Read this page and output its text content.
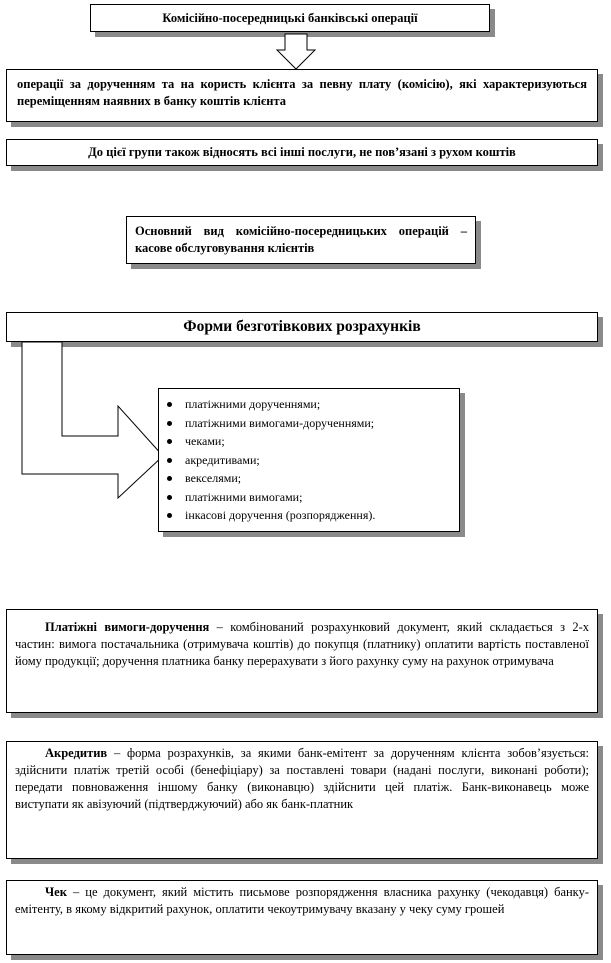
Комісійно-посередницькі банківські операції
операції за дорученням та на користь клієнта за певну плату (комісію), які характеризуються переміщенням наявних в банку коштів клієнта
До цієї групи також відносять всі інші послуги, не пов’язані з рухом коштів
Основний вид комісійно-посередницьких операцій – касове обслуговування клієнтів
Форми безготівкових розрахунків
платіжними дорученнями;
платіжними вимогами-дорученнями;
чеками;
акредитивами;
векселями;
платіжними вимогами;
інкасові доручення (розпорядження).
Платіжні вимоги-доручення – комбінований розрахунковий документ, який складається з 2-х частин: вимога постачальника (отримувача коштів) до покупця (платнику) оплатити вартість поставленої йому продукції; доручення платника банку перерахувати з його рахунку суму на рахунок отримувача
Акредитив – форма розрахунків, за якими банк-емітент за дорученням клієнта зобов’язується: здійснити платіж третій особі (бенефіціару) за поставлені товари (надані послуги, виконані роботи); передати повноваження іншому банку (виконавцю) здійснити цей платіж. Банк-виконавець може виступати як авізуючий (підтверджуючий) або як банк-платник
Чек – це документ, який містить письмове розпорядження власника рахунку (чекодавця) банку-емітенту, в якому відкритий рахунок, оплатити чекоутримувачу вказану у чеку суму грошей
